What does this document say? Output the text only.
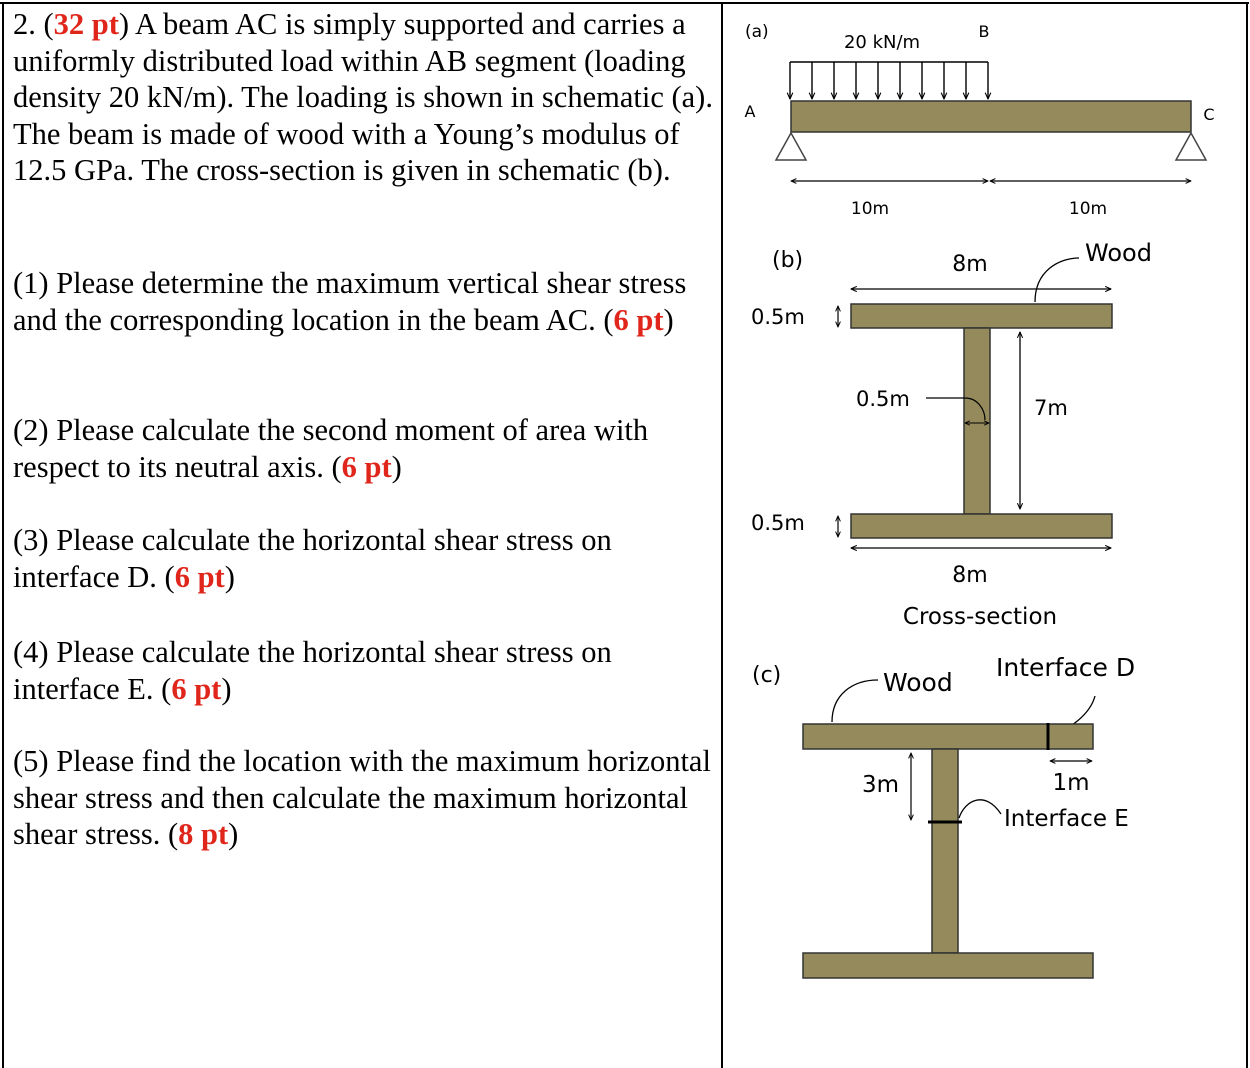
2. (32 pt) A beam AC is simply supported and carries a uniformly distributed load within AB segment (loading density 20 kN/m). The loading is shown in schematic (a). The beam is made of wood with a Young’s modulus of 12.5 GPa. The cross-section is given in schematic (b).

(1) Please determine the maximum vertical shear stress and the corresponding location in the beam AC. (6 pt)

(2) Please calculate the second moment of area with respect to its neutral axis. (6 pt)

(3) Please calculate the horizontal shear stress on interface D. (6 pt)

(4) Please calculate the horizontal shear stress on interface E. (6 pt)

(5) Please find the location with the maximum horizontal shear stress and then calculate the maximum horizontal shear stress. (8 pt)

(a)	20 kN/m
B
A	C
10m	10m
(b)	8m	Wood
0.5m
0.5m	7m
0.5m
8m
Cross-section
(c)	Wood
Interface D
3m	1m
Interface E
